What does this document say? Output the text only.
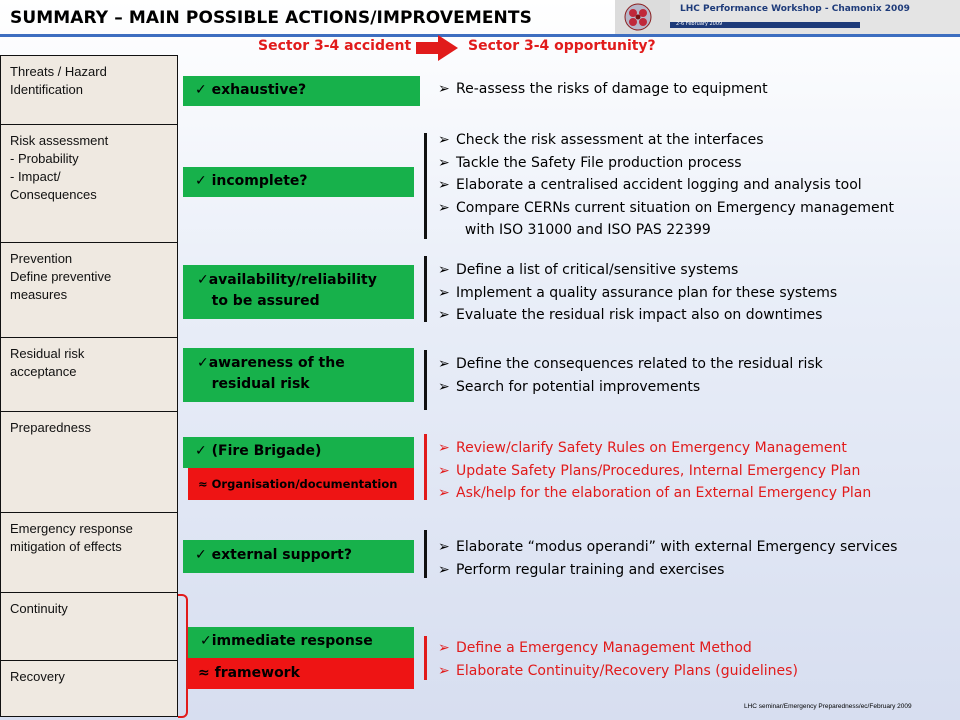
SUMMARY – MAIN POSSIBLE ACTIONS/IMPROVEMENTS	LHC Performance Workshop - Chamonix 2009
2-6 February 2009
Sector 3-4 accident	Sector 3-4 opportunity?
Threats / Hazard
Identification
Risk assessment
- Probability
- Impact/
Consequences
Prevention
Define preventive
measures
Residual risk
acceptance
Preparedness
Emergency response
mitigation of effects
Continuity
Recovery
✓ exhaustive?
✓ incomplete?
✓availability/reliability
to be assured
✓awareness of the
residual risk
✓ (Fire Brigade)
✓ external support?
✓immediate response
≈ Organisation/documentation
≈ framework
➢ Re-assess the risks of damage to equipment
➢ Check the risk assessment at the interfaces
➢ Tackle the Safety File production process
➢ Elaborate a centralised accident logging and analysis tool
➢ Compare CERNs current situation on Emergency management
with ISO 31000 and ISO PAS 22399
➢ Define a list of critical/sensitive systems
➢ Implement a quality assurance plan for these systems
➢ Evaluate the residual risk impact also on downtimes
➢ Define the consequences related to the residual risk
➢ Search for potential improvements
➢ Review/clarify Safety Rules on Emergency Management
➢ Update Safety Plans/Procedures, Internal Emergency Plan
➢ Ask/help for the elaboration of an External Emergency Plan
➢ Elaborate “modus operandi” with external Emergency services
➢ Perform regular training and exercises
➢ Define a Emergency Management Method
➢ Elaborate Continuity/Recovery Plans (guidelines)
LHC seminar/Emergency Preparedness/ec/February 2009
